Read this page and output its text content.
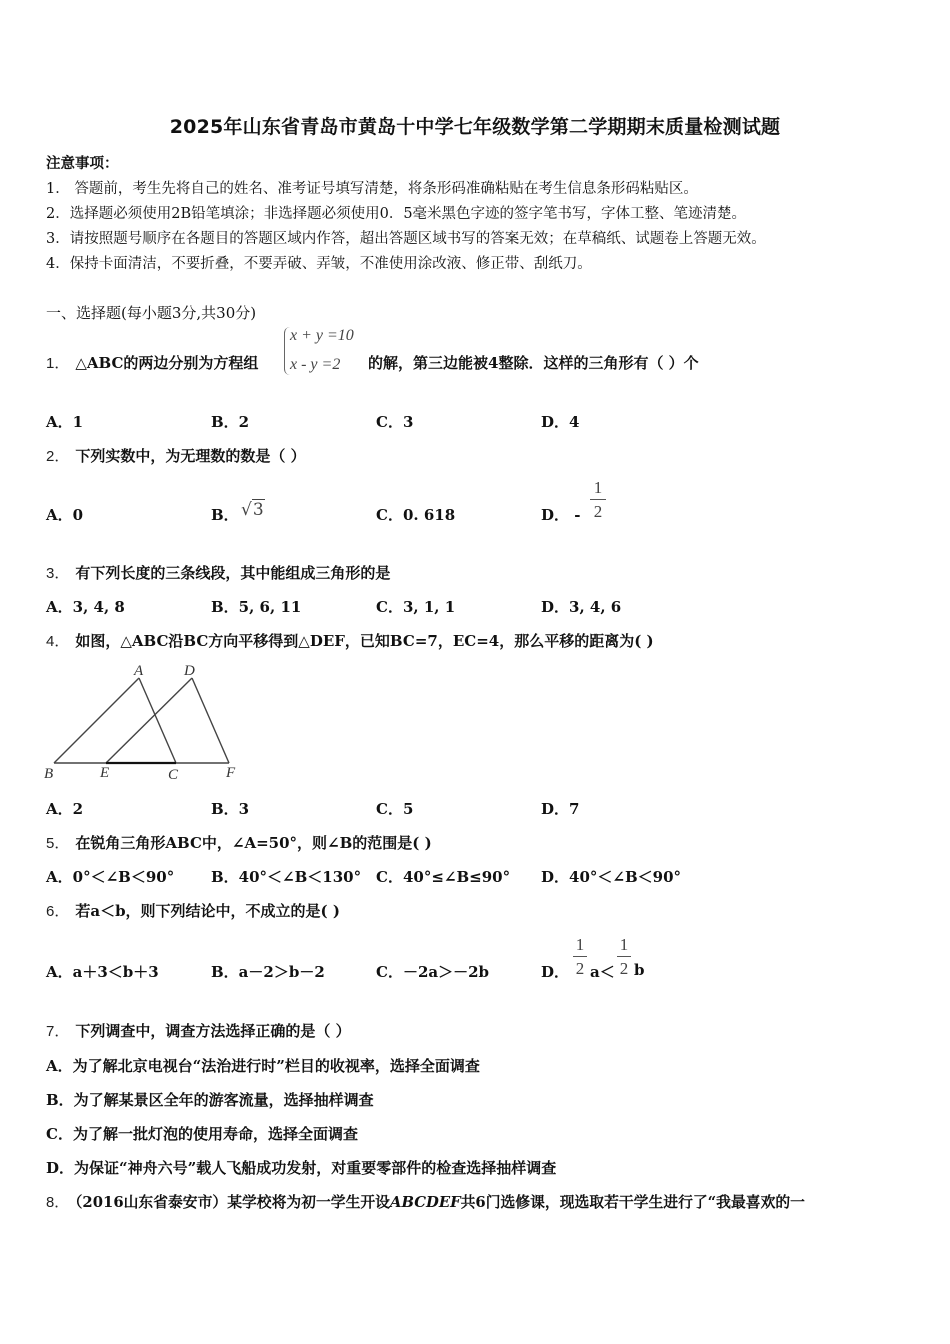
2025年山东省青岛市黄岛十中学七年级数学第二学期期末质量检测试题
注意事项：
1． 答题前，考生先将自己的姓名、准考证号填写清楚，将条形码准确粘贴在考生信息条形码粘贴区。
2．选择题必须使用2B铅笔填涂；非选择题必须使用0．5毫米黑色字迹的签字笔书写，字体工整、笔迹清楚。
3．请按照题号顺序在各题目的答题区域内作答，超出答题区域书写的答案无效；在草稿纸、试题卷上答题无效。
4．保持卡面清洁，不要折叠，不要弄破、弄皱，不准使用涂改液、修正带、刮纸刀。
一、选择题(每小题3分,共30分)
1． △ABC的两边分别为方程组
x + y =10
x - y =2 的解，第三边能被4整除．这样的三角形有（ ）个
A．1	B．2	C．3	D．4
2． 下列实数中，为无理数的数是（ ）
A．0	B． √3	C．0. 618	D． -
1
2
3． 有下列长度的三条线段，其中能组成三角形的是
A．3, 4, 8	B．5, 6, 11	C．3, 1, 1	D．3, 4, 6
4． 如图，△ABC沿BC方向平移得到△DEF，已知BC=7，EC=4，那么平移的距离为( )
A	D
B	E	C	F
A．2	B．3	C．5	D．7
5． 在锐角三角形ABC中，∠A=50°，则∠B的范围是( )
A．0°＜∠B＜90° B．40°＜∠B＜130° C．40°≤∠B≤90° D．40°＜∠B＜90°
6． 若a＜b，则下列结论中，不成立的是( )
A．a＋3＜b＋3	B．a－2＞b－2	C．－2a＞－2b	D．
1
2 a＜
1
2 b
7． 下列调查中，调查方法选择正确的是（ ）
A．为了解北京电视台“法治进行时”栏目的收视率，选择全面调查
B．为了解某景区全年的游客流量，选择抽样调查
C．为了解一批灯泡的使用寿命，选择全面调查
D．为保证“神舟六号”载人飞船成功发射，对重要零部件的检查选择抽样调查
8． （2016山东省泰安市）某学校将为初一学生开设ABCDEF共6门选修课，现选取若干学生进行了“我最喜欢的一
